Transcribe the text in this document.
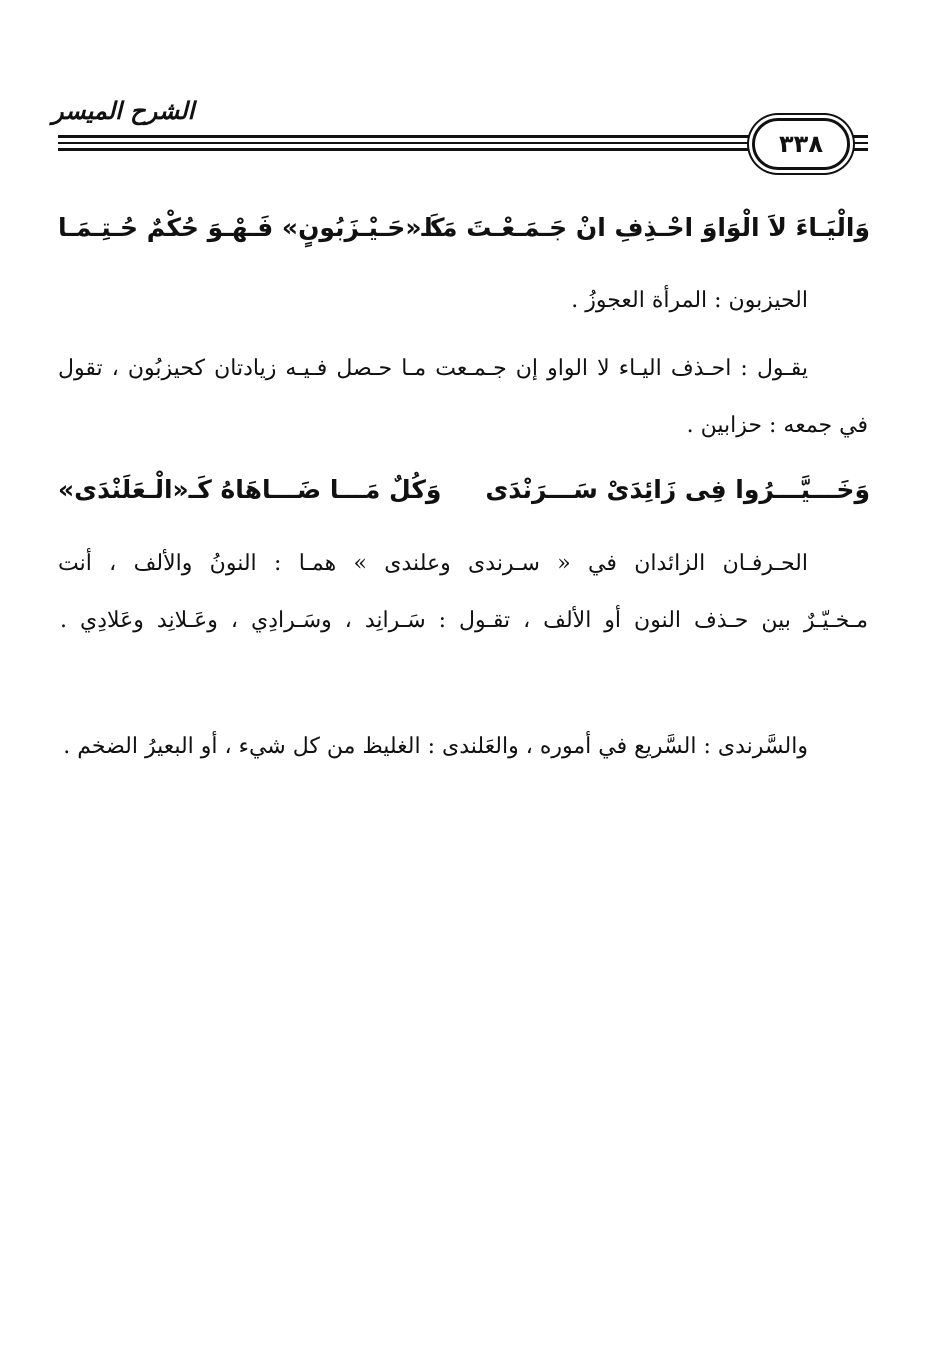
الشرح الميسر
٣٣٨
وَالْيَـاءَ لاَ الْوَاوَ احْـذِفِ انْ جَـمَـعْـتَ مَـا
كَـ«حَـيْـزَبُونٍ» فَـهْـوَ حُكْمٌ حُـتِـمَـا

الحيزبون : المرأة العجوزُ .

يقـول : احـذف اليـاء لا الواو إن جـمـعت مـا حـصل فـيـه زيادتان كحيزبُون ، تقول في جمعه : حزابين .

وَخَـــيَّـــرُوا فِى زَائِدَىْ سَـــرَنْدَى
وَكُلٌ مَـــا ضَـــاهَاهُ كَـ«الْـعَلَنْدَى»

الحـرفـان الزائدان في « سـرندى وعلندى » همـا : النونُ والألف ، أنت مـخـيّـرٌ بين حـذف النون أو الألف ، تقـول : سَـرانِد ، وسَـرادِي ، وعَـلانِد وعَلادِي .

والسَّرندى : السَّريع في أموره ، والعَلندى : الغليظ من كل شيء ، أو البعيرُ الضخم .
